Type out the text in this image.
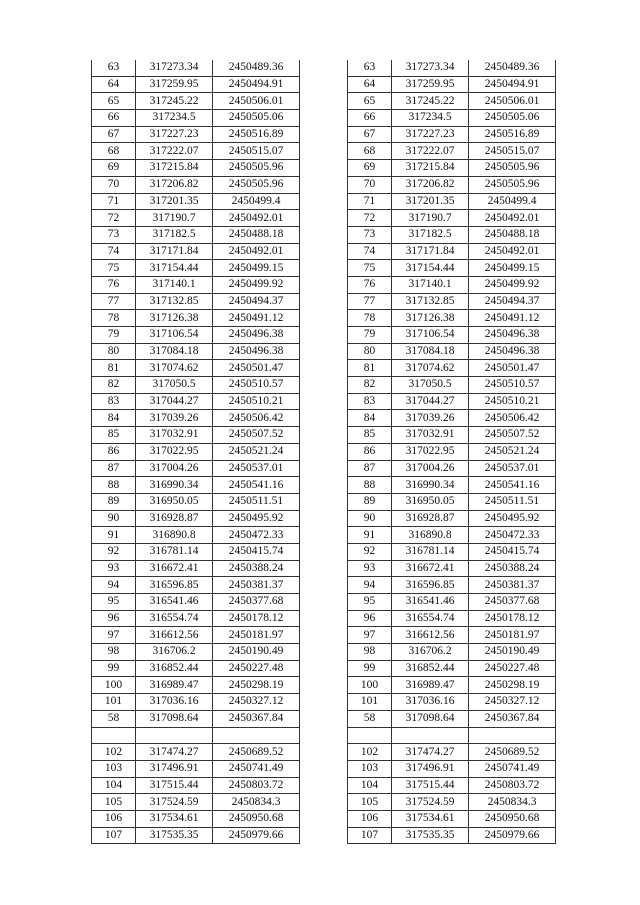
63	317273.34	2450489.36
64	317259.95	2450494.91
65	317245.22	2450506.01
66	317234.5	2450505.06
67	317227.23	2450516.89
68	317222.07	2450515.07
69	317215.84	2450505.96
70	317206.82	2450505.96
71	317201.35	2450499.4
72	317190.7	2450492.01
73	317182.5	2450488.18
74	317171.84	2450492.01
75	317154.44	2450499.15
76	317140.1	2450499.92
77	317132.85	2450494.37
78	317126.38	2450491.12
79	317106.54	2450496.38
80	317084.18	2450496.38
81	317074.62	2450501.47
82	317050.5	2450510.57
83	317044.27	2450510.21
84	317039.26	2450506.42
85	317032.91	2450507.52
86	317022.95	2450521.24
87	317004.26	2450537.01
88	316990.34	2450541.16
89	316950.05	2450511.51
90	316928.87	2450495.92
91	316890.8	2450472.33
92	316781.14	2450415.74
93	316672.41	2450388.24
94	316596.85	2450381.37
95	316541.46	2450377.68
96	316554.74	2450178.12
97	316612.56	2450181.97
98	316706.2	2450190.49
99	316852.44	2450227.48
100	316989.47	2450298.19
101	317036.16	2450327.12
58	317098.64	2450367.84

102	317474.27	2450689.52
103	317496.91	2450741.49
104	317515.44	2450803.72
105	317524.59	2450834.3
106	317534.61	2450950.68
107	317535.35	2450979.66
63	317273.34	2450489.36
64	317259.95	2450494.91
65	317245.22	2450506.01
66	317234.5	2450505.06
67	317227.23	2450516.89
68	317222.07	2450515.07
69	317215.84	2450505.96
70	317206.82	2450505.96
71	317201.35	2450499.4
72	317190.7	2450492.01
73	317182.5	2450488.18
74	317171.84	2450492.01
75	317154.44	2450499.15
76	317140.1	2450499.92
77	317132.85	2450494.37
78	317126.38	2450491.12
79	317106.54	2450496.38
80	317084.18	2450496.38
81	317074.62	2450501.47
82	317050.5	2450510.57
83	317044.27	2450510.21
84	317039.26	2450506.42
85	317032.91	2450507.52
86	317022.95	2450521.24
87	317004.26	2450537.01
88	316990.34	2450541.16
89	316950.05	2450511.51
90	316928.87	2450495.92
91	316890.8	2450472.33
92	316781.14	2450415.74
93	316672.41	2450388.24
94	316596.85	2450381.37
95	316541.46	2450377.68
96	316554.74	2450178.12
97	316612.56	2450181.97
98	316706.2	2450190.49
99	316852.44	2450227.48
100	316989.47	2450298.19
101	317036.16	2450327.12
58	317098.64	2450367.84

102	317474.27	2450689.52
103	317496.91	2450741.49
104	317515.44	2450803.72
105	317524.59	2450834.3
106	317534.61	2450950.68
107	317535.35	2450979.66
